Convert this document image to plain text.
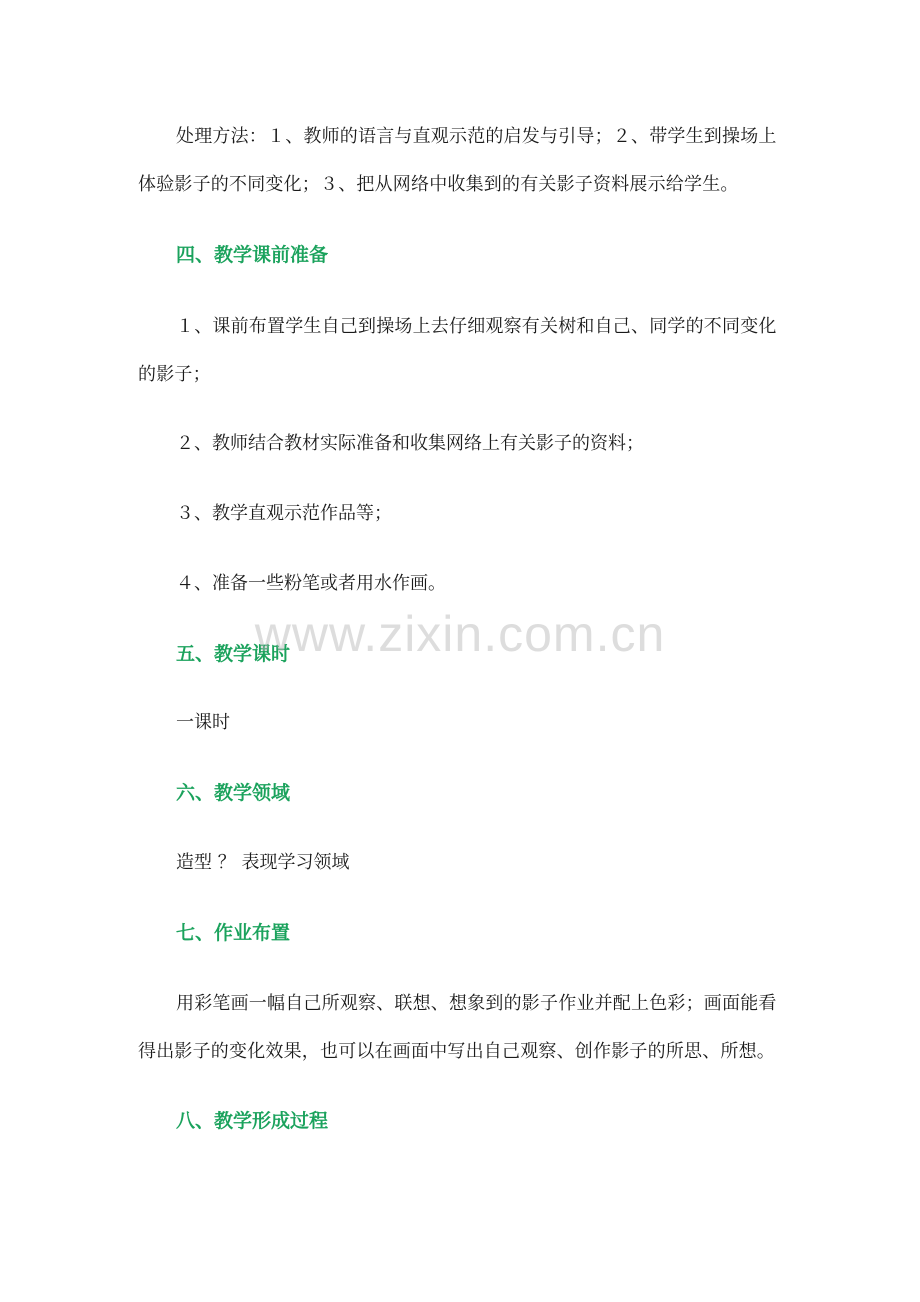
处理方法：１、教师的语言与直观示范的启发与引导；２、带学生到操场上体验影子的不同变化；３、把从网络中收集到的有关影子资料展示给学生。

四、教学课前准备

１、课前布置学生自己到操场上去仔细观察有关树和自己、同学的不同变化的影子；

２、教师结合教材实际准备和收集网络上有关影子的资料；

３、教学直观示范作品等；

４、准备一些粉笔或者用水作画。

五、教学课时

一课时

六、教学领域

造型 ？ 表现学习领域

七、作业布置

用彩笔画一幅自己所观察、联想、想象到的影子作业并配上色彩；画面能看得出影子的变化效果，也可以在画面中写出自己观察、创作影子的所思、所想。

八、教学形成过程
www.zixin.com.cn
